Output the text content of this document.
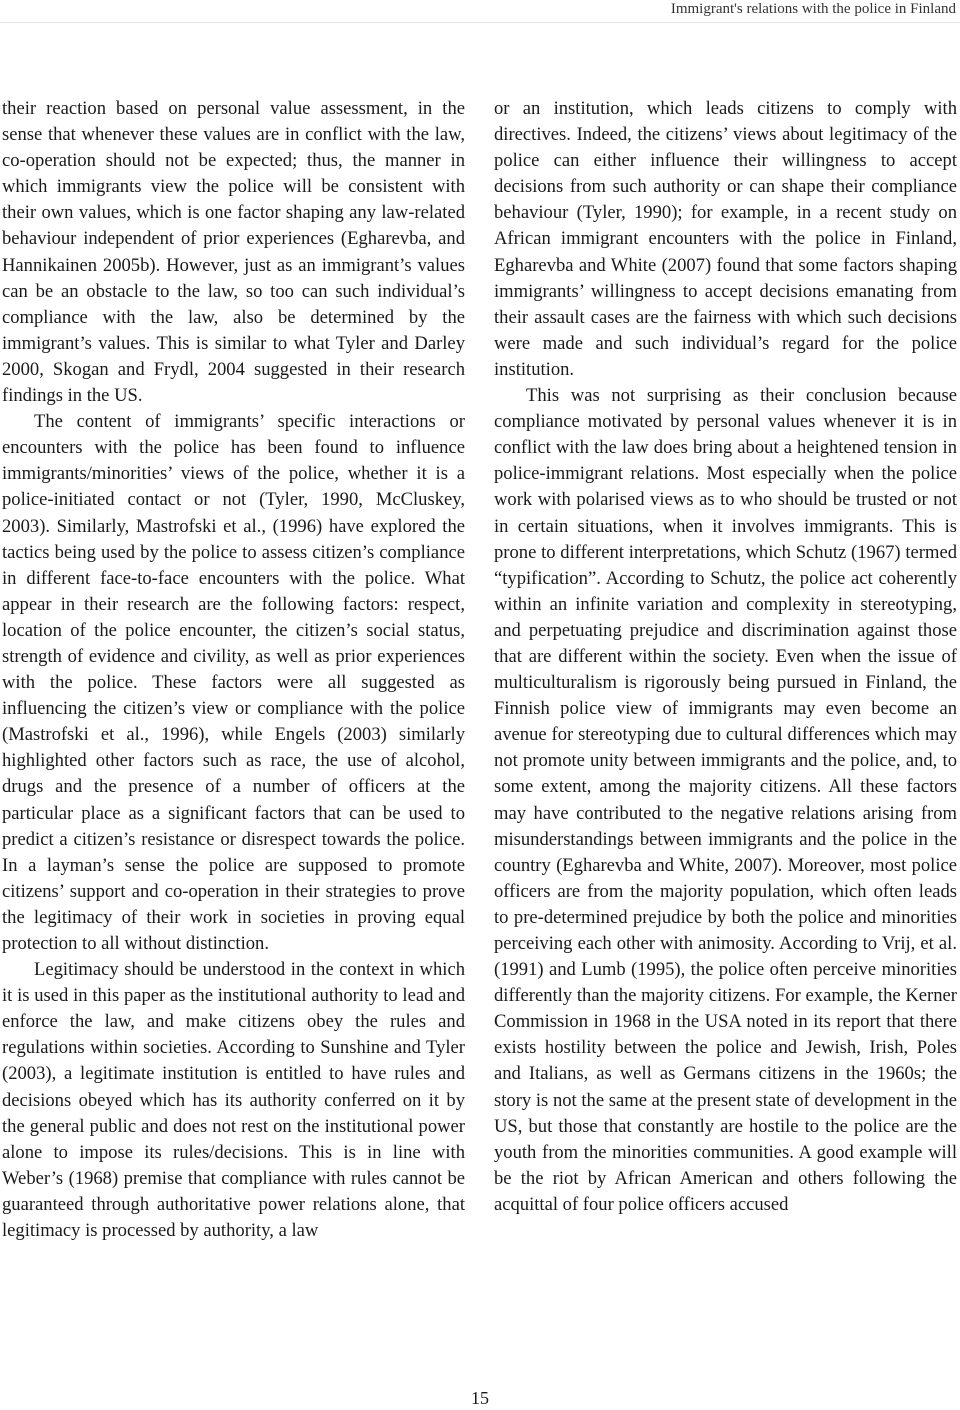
Immigrant's relations with the police in Finland

their reaction based on personal value assessment, in the sense that whenever these values are in conflict with the law, co-operation should not be expected; thus, the manner in which immigrants view the police will be consistent with their own values, which is one factor shaping any law-related behaviour independent of prior experiences (Egharevba, and Hannikainen 2005b). However, just as an immigrant’s values can be an obstacle to the law, so too can such individual’s compliance with the law, also be determined by the immigrant’s values. This is similar to what Tyler and Darley 2000, Skogan and Frydl, 2004 suggested in their research findings in the US.

The content of immigrants’ specific interactions or encounters with the police has been found to influence immigrants/minorities’ views of the police, whether it is a police-initiated contact or not (Tyler, 1990, McCluskey, 2003). Similarly, Mastrofski et al., (1996) have explored the tactics being used by the police to assess citizen’s compliance in different face-to-face encounters with the police. What appear in their research are the following factors: respect, location of the police encounter, the citizen’s social status, strength of evidence and civility, as well as prior experiences with the police. These factors were all suggested as influencing the citizen’s view or compliance with the police (Mastrofski et al., 1996), while Engels (2003) similarly highlighted other factors such as race, the use of alcohol, drugs and the presence of a number of officers at the particular place as a significant factors that can be used to predict a citizen’s resistance or disrespect towards the police. In a layman’s sense the police are supposed to promote citizens’ support and co-operation in their strategies to prove the legitimacy of their work in societies in proving equal protection to all without distinction.

Legitimacy should be understood in the context in which it is used in this paper as the institutional authority to lead and enforce the law, and make citizens obey the rules and regulations within societies. According to Sunshine and Tyler (2003), a legitimate institution is entitled to have rules and decisions obeyed which has its authority conferred on it by the general public and does not rest on the institutional power alone to impose its rules/decisions. This is in line with Weber’s (1968) premise that compliance with rules cannot be guaranteed through authoritative power relations alone, that legitimacy is processed by authority, a law

or an institution, which leads citizens to comply with directives. Indeed, the citizens’ views about legitimacy of the police can either influence their willingness to accept decisions from such authority or can shape their compliance behaviour (Tyler, 1990); for example, in a recent study on African immigrant encounters with the police in Finland, Egharevba and White (2007) found that some factors shaping immigrants’ willingness to accept decisions emanating from their assault cases are the fairness with which such decisions were made and such individual’s regard for the police institution.

This was not surprising as their conclusion because compliance motivated by personal values whenever it is in conflict with the law does bring about a heightened tension in police-immigrant relations. Most especially when the police work with polarised views as to who should be trusted or not in certain situations, when it involves immigrants. This is prone to different interpretations, which Schutz (1967) termed “typification”. According to Schutz, the police act coherently within an infinite variation and complexity in stereotyping, and perpetuating prejudice and discrimination against those that are different within the society. Even when the issue of multiculturalism is rigorously being pursued in Finland, the Finnish police view of immigrants may even become an avenue for stereotyping due to cultural differences which may not promote unity between immigrants and the police, and, to some extent, among the majority citizens. All these factors may have contributed to the negative relations arising from misunderstandings between immigrants and the police in the country (Egharevba and White, 2007). Moreover, most police officers are from the majority population, which often leads to pre-determined prejudice by both the police and minorities perceiving each other with animosity. According to Vrij, et al. (1991) and Lumb (1995), the police often perceive minorities differently than the majority citizens. For example, the Kerner Commission in 1968 in the USA noted in its report that there exists hostility between the police and Jewish, Irish, Poles and Italians, as well as Germans citizens in the 1960s; the story is not the same at the present state of development in the US, but those that constantly are hostile to the police are the youth from the minorities communities. A good example will be the riot by African American and others following the acquittal of four police officers accused

15
